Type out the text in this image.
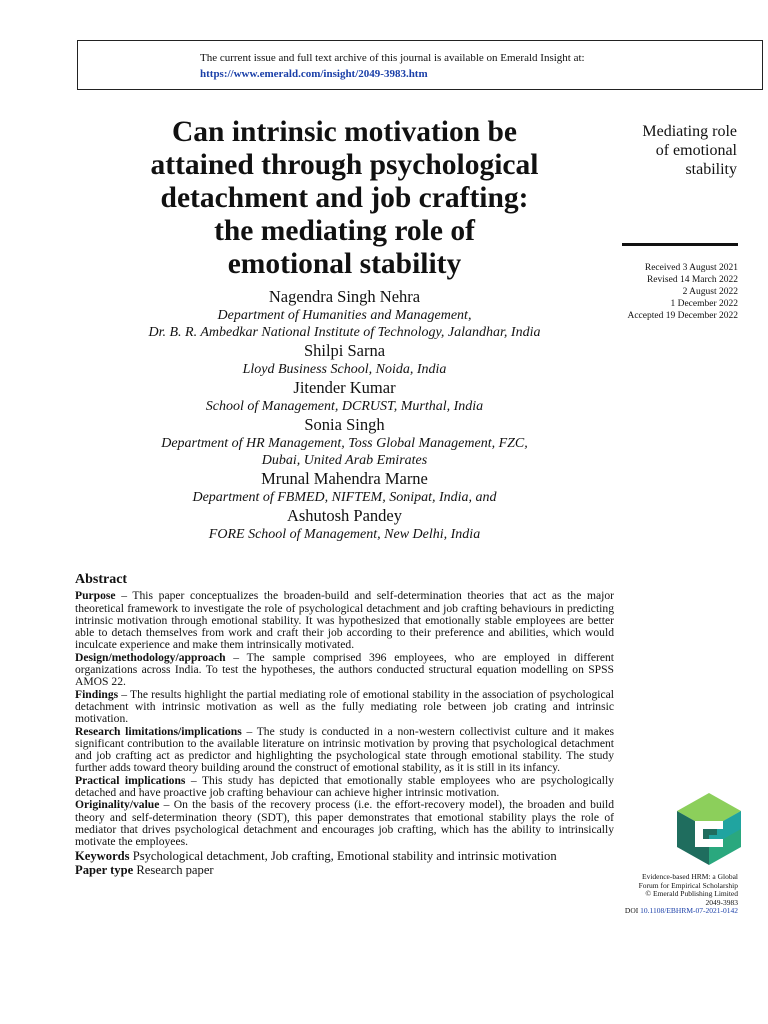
The current issue and full text archive of this journal is available on Emerald Insight at:
https://www.emerald.com/insight/2049-3983.htm
Can intrinsic motivation be
attained through psychological
detachment and job crafting:
the mediating role of
emotional stability
Mediating role
of emotional
stability
Received 3 August 2021
Revised 14 March 2022
2 August 2022
1 December 2022
Accepted 19 December 2022
Nagendra Singh Nehra
Department of Humanities and Management,
Dr. B. R. Ambedkar National Institute of Technology, Jalandhar, India
Shilpi Sarna
Lloyd Business School, Noida, India
Jitender Kumar
School of Management, DCRUST, Murthal, India
Sonia Singh
Department of HR Management, Toss Global Management, FZC,
Dubai, United Arab Emirates
Mrunal Mahendra Marne
Department of FBMED, NIFTEM, Sonipat, India, and
Ashutosh Pandey
FORE School of Management, New Delhi, India
Abstract

Purpose – This paper conceptualizes the broaden-build and self-determination theories that act as the major theoretical framework to investigate the role of psychological detachment and job crafting behaviours in predicting intrinsic motivation through emotional stability. It was hypothesized that emotionally stable employees are better able to detach themselves from work and craft their job according to their preference and abilities, which would inculcate experience and make them intrinsically motivated.

Design/methodology/approach – The sample comprised 396 employees, who are employed in different organizations across India. To test the hypotheses, the authors conducted structural equation modelling on SPSS AMOS 22.

Findings – The results highlight the partial mediating role of emotional stability in the association of psychological detachment with intrinsic motivation as well as the fully mediating role between job crating and intrinsic motivation.

Research limitations/implications – The study is conducted in a non-western collectivist culture and it makes significant contribution to the available literature on intrinsic motivation by proving that psychological detachment and job crafting act as predictor and highlighting the psychological state through emotional stability. The study further adds toward theory building around the construct of emotional stability, as it is still in its infancy.

Practical implications – This study has depicted that emotionally stable employees who are psychologically detached and have proactive job crafting behaviour can achieve higher intrinsic motivation.

Originality/value – On the basis of the recovery process (i.e. the effort-recovery model), the broaden and build theory and self-determination theory (SDT), this paper demonstrates that emotional stability plays the role of mediator that drives psychological detachment and encourages job crafting, which has the ability to intrinsically motivate the employees.

Keywords Psychological detachment, Job crafting, Emotional stability and intrinsic motivation

Paper type Research paper	Evidence-based HRM: a Global
Forum for Empirical Scholarship
© Emerald Publishing Limited
2049-3983
DOI 10.1108/EBHRM-07-2021-0142
